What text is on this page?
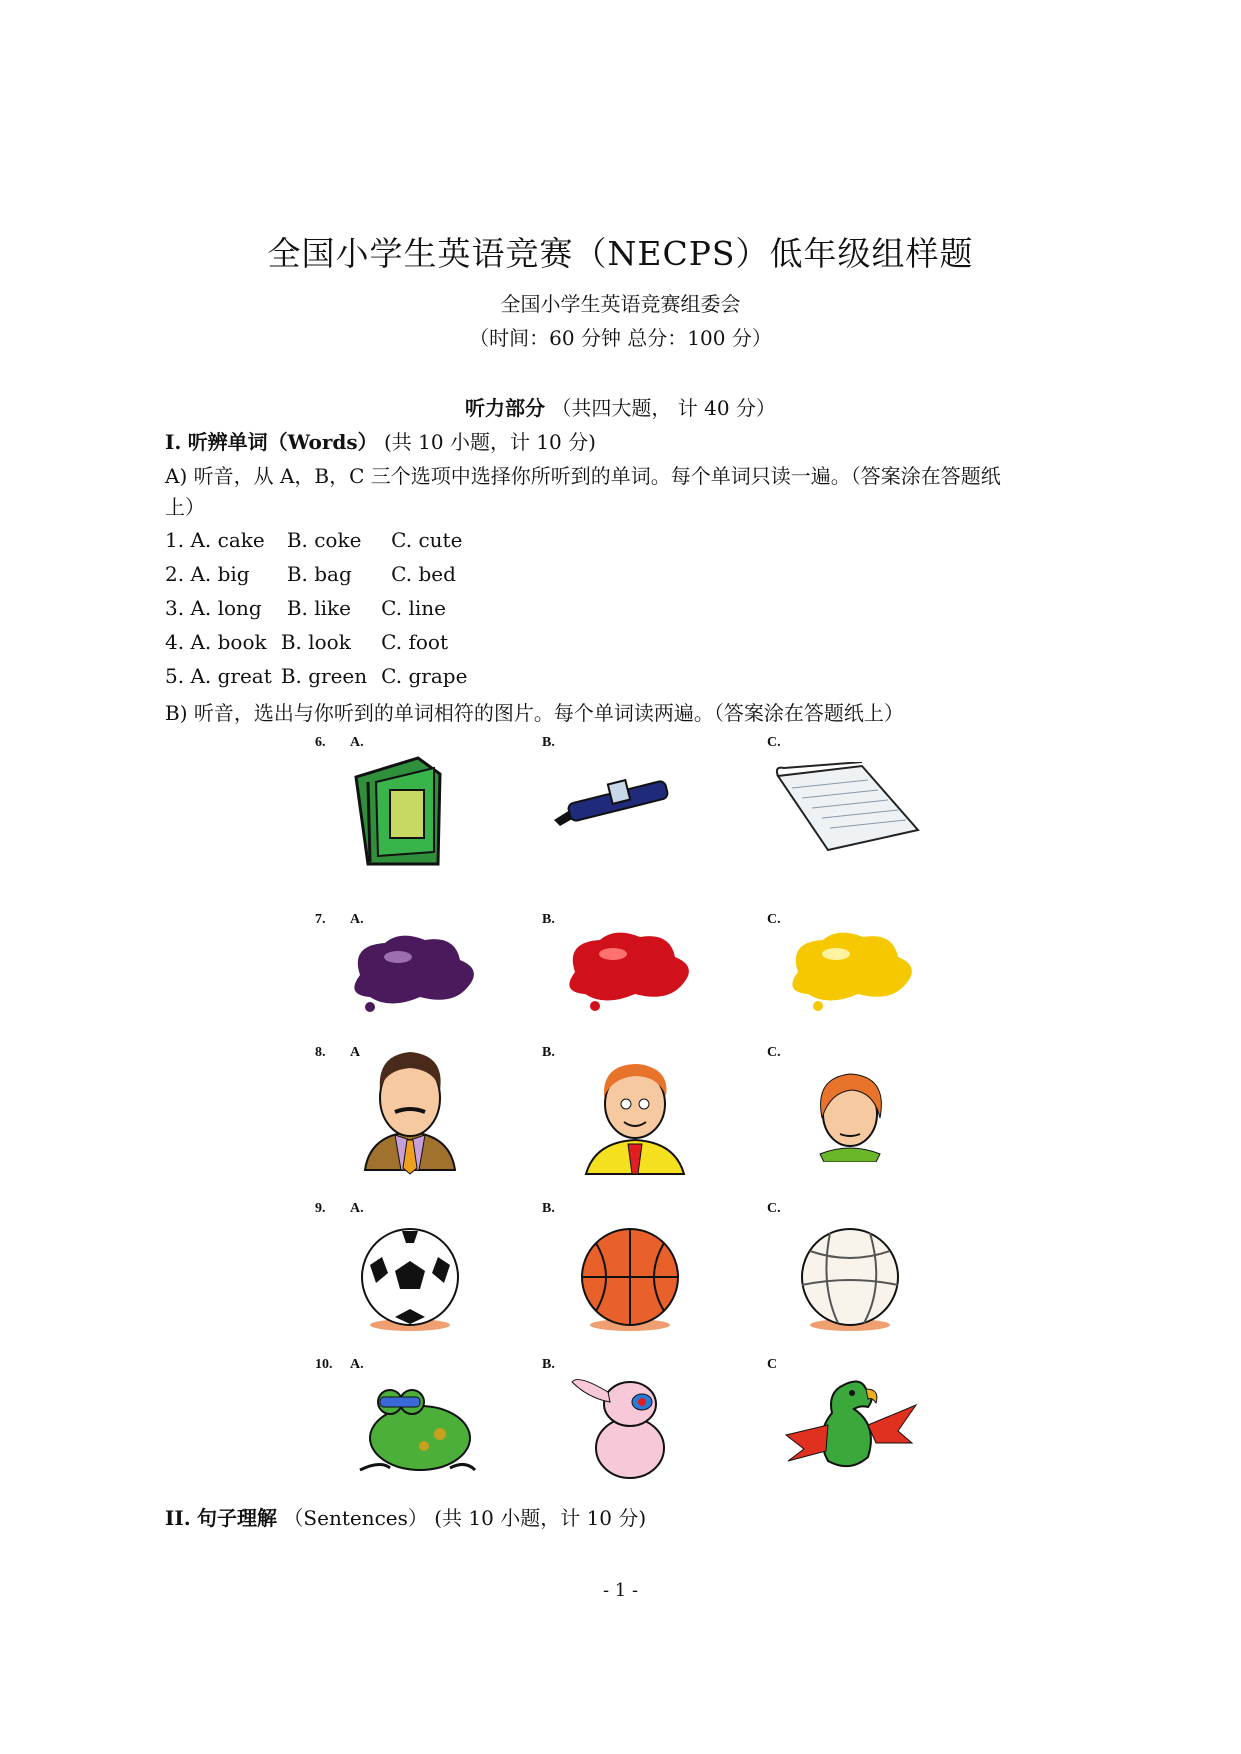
全国小学生英语竞赛（NECPS）低年级组样题
全国小学生英语竞赛组委会
（时间：60 分钟 总分：100 分）
听力部分 （共四大题， 计 40 分）
I. 听辨单词（Words） (共 10 小题，计 10 分)
A) 听音，从 A，B，C 三个选项中选择你所听到的单词。每个单词只读一遍。（答案涂在答题纸
上）
1. A. cake B. coke C. cute
2. A. big B. bag C. bed
3. A. long B. like C. line
4. A. book B. look C. foot
5. A. great B. green C. grape
B) 听音，选出与你听到的单词相符的图片。每个单词读两遍。（答案涂在答题纸上）
6. A.	B.	C.
7. A.	B.	C.
8. A	B.	C.
9. A.	B.	C.
10. A.	B.	C
II. 句子理解 （Sentences） (共 10 小题，计 10 分)
- 1 -
